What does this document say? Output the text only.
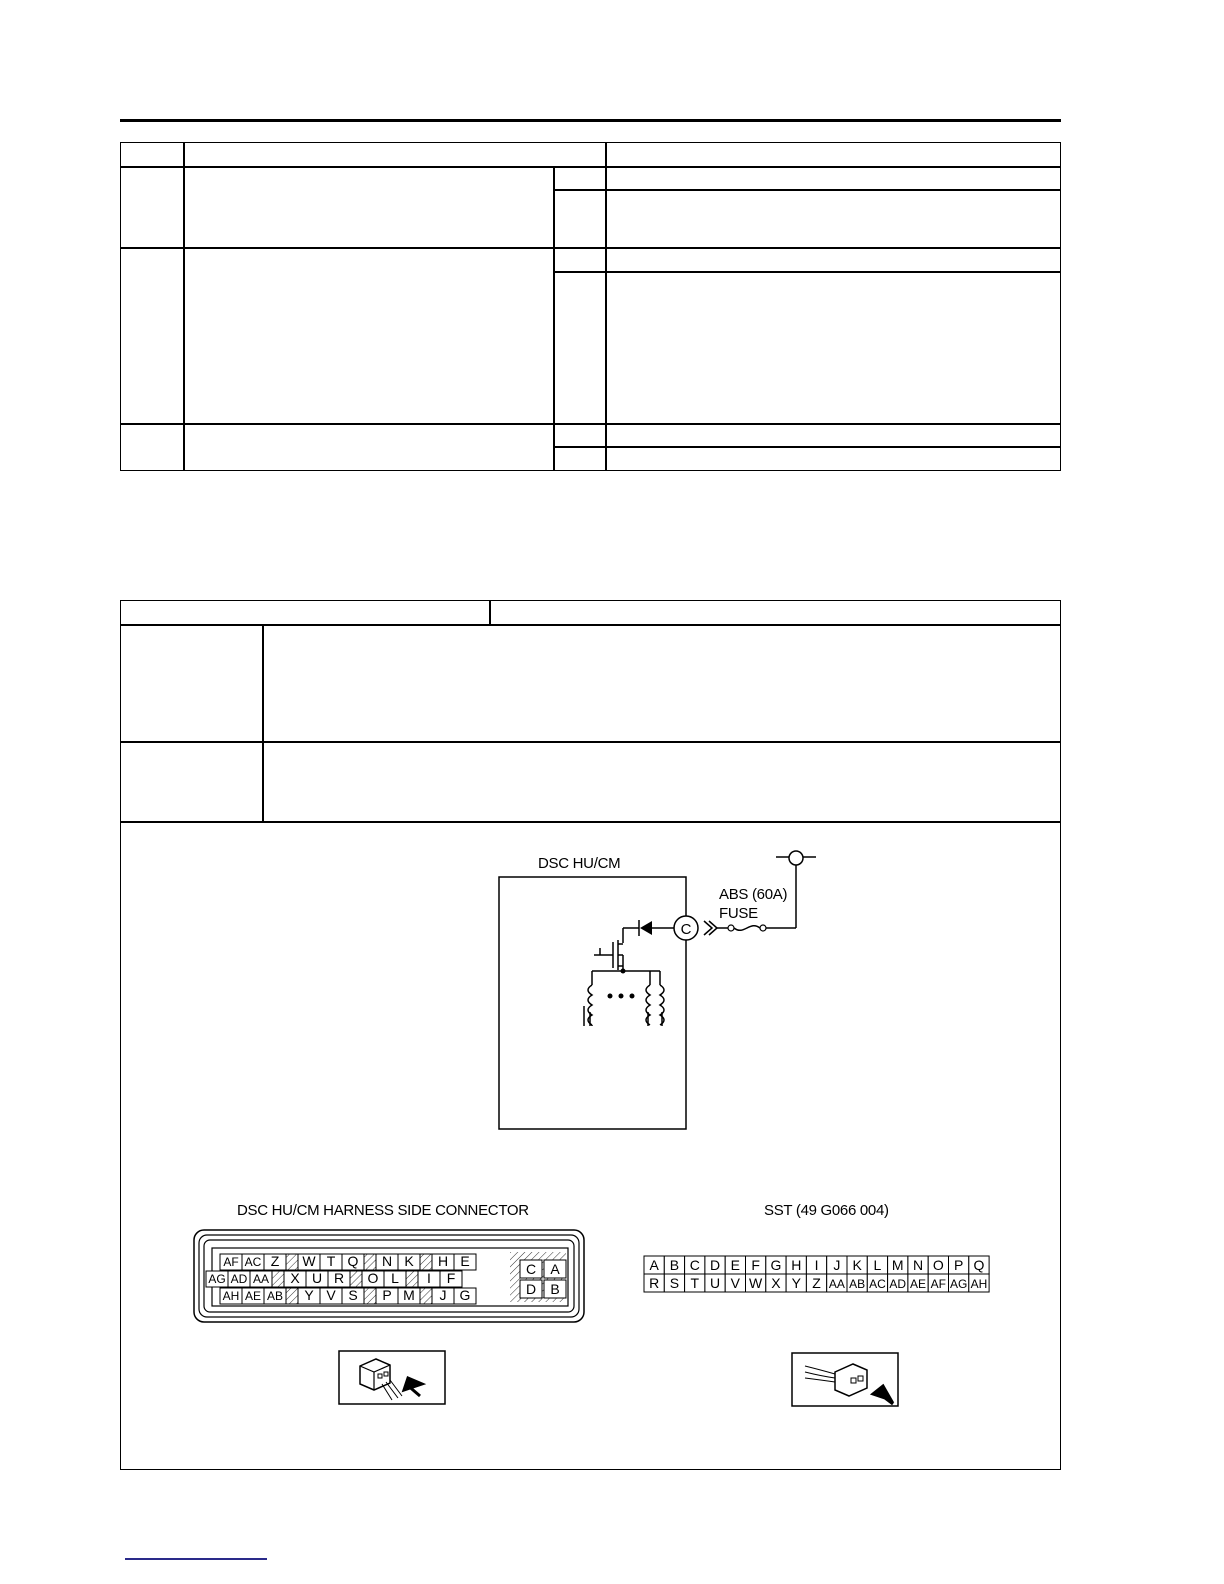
DSC HU/CM
ABS (60A)
FUSE
C
DSC HU/CM HARNESS SIDE CONNECTOR
AF AC Z W T Q N K H E
AG AD AA X U R O L I F
AH AE AB Y V S P M J G
C A
D B
SST (49 G066 004)
A B C D E F G H I J K L M N O P Q
R S T U V W X Y Z AA AB AC AD AE AF AG AH
